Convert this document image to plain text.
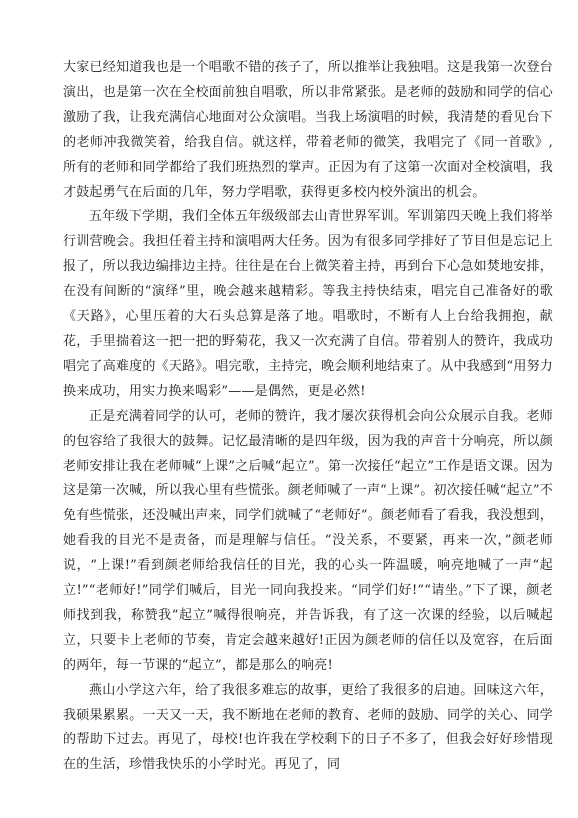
大家已经知道我也是一个唱歌不错的孩子了，所以推举让我独唱。这是我第一次登台演出，也是第一次在全校面前独自唱歌，所以非常紧张。是老师的鼓励和同学的信心激励了我，让我充满信心地面对公众演唱。当我上场演唱的时候，我清楚的看见台下的老师冲我微笑着，给我自信。就这样，带着老师的微笑，我唱完了《同一首歌》,所有的老师和同学都给了我们班热烈的掌声。正因为有了这第一次面对全校演唱，我才鼓起勇气在后面的几年，努力学唱歌，获得更多校内校外演出的机会。

五年级下学期，我们全体五年级级部去山青世界军训。军训第四天晚上我们将举行训营晚会。我担任着主持和演唱两大任务。因为有很多同学排好了节目但是忘记上报了，所以我边编排边主持。往往是在台上微笑着主持，再到台下心急如焚地安排，在没有间断的“演绎”里，晚会越来越精彩。等我主持快结束，唱完自己准备好的歌《天路》，心里压着的大石头总算是落了地。唱歌时，不断有人上台给我拥抱，献花，手里揣着这一把一把的野菊花，我又一次充满了自信。带着别人的赞许，我成功唱完了高难度的《天路》。唱完歌，主持完，晚会顺利地结束了。从中我感到“用努力换来成功，用实力换来喝彩”——是偶然，更是必然!

正是充满着同学的认可，老师的赞许，我才屡次获得机会向公众展示自我。老师的包容给了我很大的鼓舞。记忆最清晰的是四年级，因为我的声音十分响亮，所以颜老师安排让我在老师喊“上课”之后喊“起立”。第一次接任“起立”工作是语文课。因为这是第一次喊，所以我心里有些慌张。颜老师喊了一声“上课”。初次接任喊“起立”不免有些慌张，还没喊出声来，同学们就喊了“老师好”。颜老师看了看我，我没想到，她看我的目光不是责备，而是理解与信任。“没关系，不要紧，再来一次，”颜老师说，“上课!”看到颜老师给我信任的目光，我的心头一阵温暖，响亮地喊了一声“起立!”“老师好!”同学们喊后，目光一同向我投来。“同学们好!”“请坐。”下了课，颜老师找到我，称赞我“起立”喊得很响亮，并告诉我，有了这一次课的经验，以后喊起立，只要卡上老师的节奏，肯定会越来越好!正因为颜老师的信任以及宽容，在后面的两年，每一节课的“起立”，都是那么的响亮!

燕山小学这六年，给了我很多难忘的故事，更给了我很多的启迪。回味这六年，我硕果累累。一天又一天，我不断地在老师的教育、老师的鼓励、同学的关心、同学的帮助下过去。再见了，母校!也许我在学校剩下的日子不多了，但我会好好珍惜现在的生活，珍惜我快乐的小学时光。再见了，同
